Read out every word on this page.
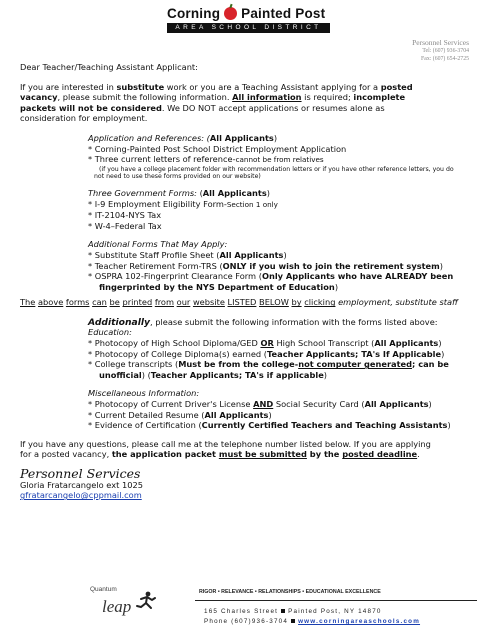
Corning Painted Post
AREA SCHOOL DISTRICT
Personnel Services
Tel: (607) 936-3704
Fax: (607) 654-2725

Dear Teacher/Teaching Assistant Applicant:

If you are interested in substitute work or you are a Teaching Assistant applying for a posted
vacancy, please submit the following information. All information is required; incomplete
packets will not be considered. We DO NOT accept applications or resumes alone as
consideration for employment.

Application and References: (All Applicants)

* Corning-Painted Post School District Employment Application

* Three current letters of reference-cannot be from relatives

(if you have a college placement folder with recommendation letters or if you have other reference letters, you do

not need to use these forms provided on our website)

Three Government Forms: (All Applicants)

* I-9 Employment Eligibility Form-Section 1 only

* IT-2104-NYS Tax

* W-4–Federal Tax

Additional Forms That May Apply:

* Substitute Staff Profile Sheet (All Applicants)

* Teacher Retirement Form-TRS (ONLY if you wish to join the retirement system)

* OSPRA 102-Fingerprint Clearance Form (Only Applicants who have ALREADY been

fingerprinted by the NYS Department of Education)

The above forms can be printed from our website LISTED BELOW by clicking employment, substitute staff

Additionally, please submit the following information with the forms listed above:

Education:

* Photocopy of High School Diploma/GED OR High School Transcript (All Applicants)

* Photocopy of College Diploma(s) earned (Teacher Applicants; TA's If Applicable)

* College transcripts (Must be from the college-not computer generated; can be

unofficial) (Teacher Applicants; TA's if applicable)

Miscellaneous Information:

* Photocopy of Current Driver's License AND Social Security Card (All Applicants)

* Current Detailed Resume (All Applicants)

* Evidence of Certification (Currently Certified Teachers and Teaching Assistants)

If you have any questions, please call me at the telephone number listed below. If you are applying
for a posted vacancy, the application packet must be submitted by the posted deadline.

Personnel Services

Gloria Fratarcangelo ext 1025

gfratarcangelo@cppmail.com

Quantum
leap
RIGOR • RELEVANCE • RELATIONSHIPS • EDUCATIONAL EXCELLENCE
165 Charles Street Painted Post, NY 14870
Phone (607)936-3704 www.corningareaschools.com
